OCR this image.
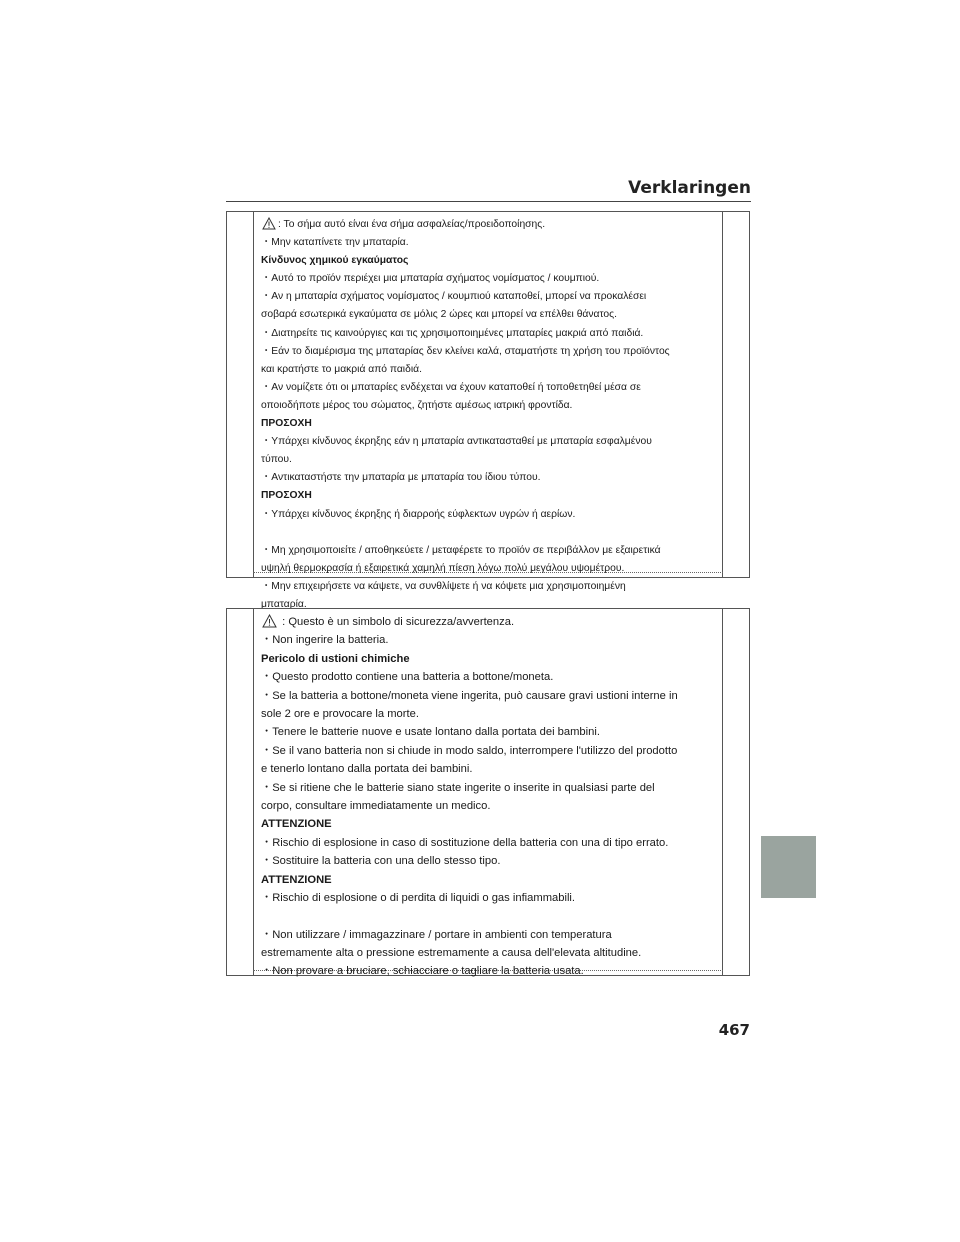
Verklaringen
: Το σήμα αυτό είναι ένα σήμα ασφαλείας/προειδοποίησης.
・Μην καταπίνετε την μπαταρία.
Κίνδυνος χημικού εγκαύματος
・Αυτό το προϊόν περιέχει μια μπαταρία σχήματος νομίσματος / κουμπιού.
・Αν η μπαταρία σχήματος νομίσματος / κουμπιού καταποθεί, μπορεί να προκαλέσει
σοβαρά εσωτερικά εγκαύματα σε μόλις 2 ώρες και μπορεί να επέλθει θάνατος.
・Διατηρείτε τις καινούργιες και τις χρησιμοποιημένες μπαταρίες μακριά από παιδιά.
・Εάν το διαμέρισμα της μπαταρίας δεν κλείνει καλά, σταματήστε τη χρήση του προϊόντος
και κρατήστε το μακριά από παιδιά.
・Αν νομίζετε ότι οι μπαταρίες ενδέχεται να έχουν καταποθεί ή τοποθετηθεί μέσα σε
οποιοδήποτε μέρος του σώματος, ζητήστε αμέσως ιατρική φροντίδα.
ΠΡΟΣΟΧΗ
・Υπάρχει κίνδυνος έκρηξης εάν η μπαταρία αντικατασταθεί με μπαταρία εσφαλμένου
τύπου.
・Αντικαταστήστε την μπαταρία με μπαταρία του ίδιου τύπου.
ΠΡΟΣΟΧΗ
・Υπάρχει κίνδυνος έκρηξης ή διαρροής εύφλεκτων υγρών ή αερίων.
・Μη χρησιμοποιείτε / αποθηκεύετε / μεταφέρετε το προϊόν σε περιβάλλον με εξαιρετικά
υψηλή θερμοκρασία ή εξαιρετικά χαμηλή πίεση λόγω πολύ μεγάλου υψομέτρου.
・Μην επιχειρήσετε να κάψετε, να συνθλίψετε ή να κόψετε μια χρησιμοποιημένη
μπαταρία.
: Questo è un simbolo di sicurezza/avvertenza.
・Non ingerire la batteria.
Pericolo di ustioni chimiche
・Questo prodotto contiene una batteria a bottone/moneta.
・Se la batteria a bottone/moneta viene ingerita, può causare gravi ustioni interne in
sole 2 ore e provocare la morte.
・Tenere le batterie nuove e usate lontano dalla portata dei bambini.
・Se il vano batteria non si chiude in modo saldo, interrompere l'utilizzo del prodotto
e tenerlo lontano dalla portata dei bambini.
・Se si ritiene che le batterie siano state ingerite o inserite in qualsiasi parte del
corpo, consultare immediatamente un medico.
ATTENZIONE
・Rischio di esplosione in caso di sostituzione della batteria con una di tipo errato.
・Sostituire la batteria con una dello stesso tipo.
ATTENZIONE
・Rischio di esplosione o di perdita di liquidi o gas infiammabili.
・Non utilizzare / immagazzinare / portare in ambienti con temperatura
estremamente alta o pressione estremamente a causa dell'elevata altitudine.
・Non provare a bruciare, schiacciare o tagliare la batteria usata.
467
